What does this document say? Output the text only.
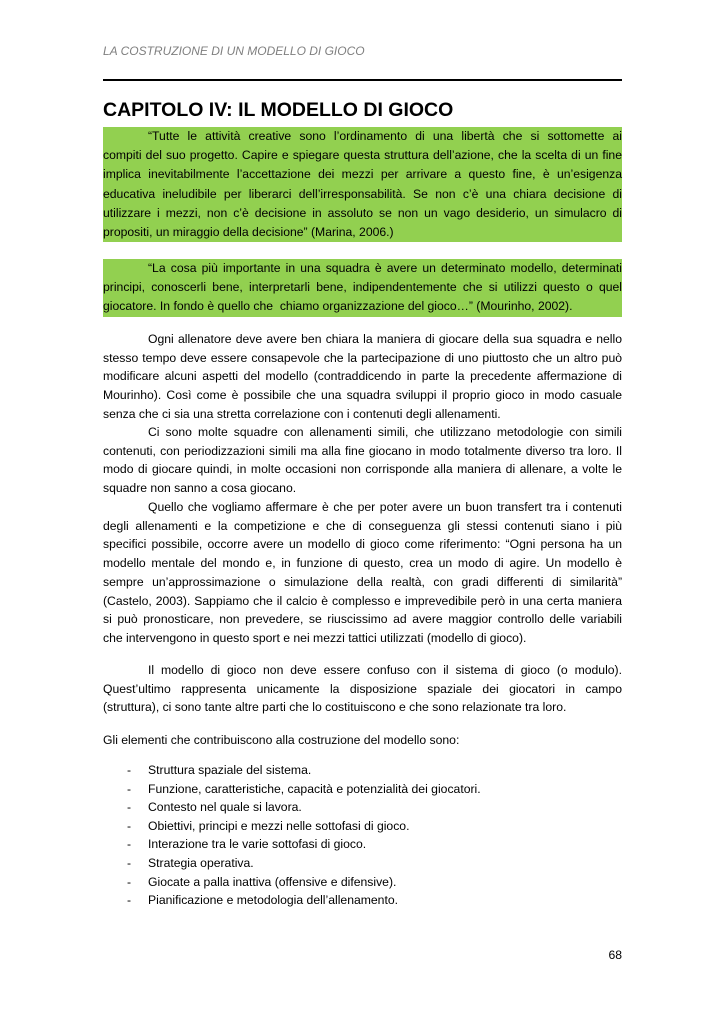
LA COSTRUZIONE DI UN MODELLO DI GIOCO
CAPITOLO IV: IL MODELLO DI GIOCO
“Tutte le attività creative sono l’ordinamento di una libertà che si sottomette ai
compiti del suo progetto. Capire e spiegare questa struttura dell’azione, che la scelta di un fine
implica inevitabilmente l’accettazione dei mezzi per arrivare a questo fine, è un’esigenza
educativa ineludibile per liberarci dell’irresponsabilità. Se non c’è una chiara decisione di
utilizzare i mezzi, non c’è decisione in assoluto se non un vago desiderio, un simulacro di
propositi, un miraggio della decisione” (Marina, 2006.)
“La cosa più importante in una squadra è avere un determinato modello, determinati
principi, conoscerli bene, interpretarli bene, indipendentemente che si utilizzi questo o quel
giocatore. In fondo è quello che  chiamo organizzazione del gioco…” (Mourinho, 2002).
Ogni allenatore deve avere ben chiara la maniera di giocare della sua squadra e nello
stesso tempo deve essere consapevole che la partecipazione di uno piuttosto che un altro può
modificare alcuni aspetti del modello (contraddicendo in parte la precedente affermazione di
Mourinho). Così come è possibile che una squadra sviluppi il proprio gioco in modo casuale
senza che ci sia una stretta correlazione con i contenuti degli allenamenti.
Ci sono molte squadre con allenamenti simili, che utilizzano metodologie con simili
contenuti, con periodizzazioni simili ma alla fine giocano in modo totalmente diverso tra loro. Il
modo di giocare quindi, in molte occasioni non corrisponde alla maniera di allenare, a volte le
squadre non sanno a cosa giocano.
Quello che vogliamo affermare è che per poter avere un buon transfert tra i contenuti
degli allenamenti e la competizione e che di conseguenza gli stessi contenuti siano i più
specifici possibile, occorre avere un modello di gioco come riferimento: “Ogni persona ha un
modello mentale del mondo e, in funzione di questo, crea un modo di agire. Un modello è
sempre un’approssimazione o simulazione della realtà, con gradi differenti di similarità”
(Castelo, 2003). Sappiamo che il calcio è complesso e imprevedibile però in una certa maniera
si può pronosticare, non prevedere, se riuscissimo ad avere maggior controllo delle variabili
che intervengono in questo sport e nei mezzi tattici utilizzati (modello di gioco).
Il modello di gioco non deve essere confuso con il sistema di gioco (o modulo).
Quest’ultimo rappresenta unicamente la disposizione spaziale dei giocatori in campo
(struttura), ci sono tante altre parti che lo costituiscono e che sono relazionate tra loro.
Gli elementi che contribuiscono alla costruzione del modello sono:
- Struttura spaziale del sistema.
- Funzione, caratteristiche, capacità e potenzialità dei giocatori.
- Contesto nel quale si lavora.
- Obiettivi, principi e mezzi nelle sottofasi di gioco.
- Interazione tra le varie sottofasi di gioco.
- Strategia operativa.
- Giocate a palla inattiva (offensive e difensive).
- Pianificazione e metodologia dell’allenamento.
68
